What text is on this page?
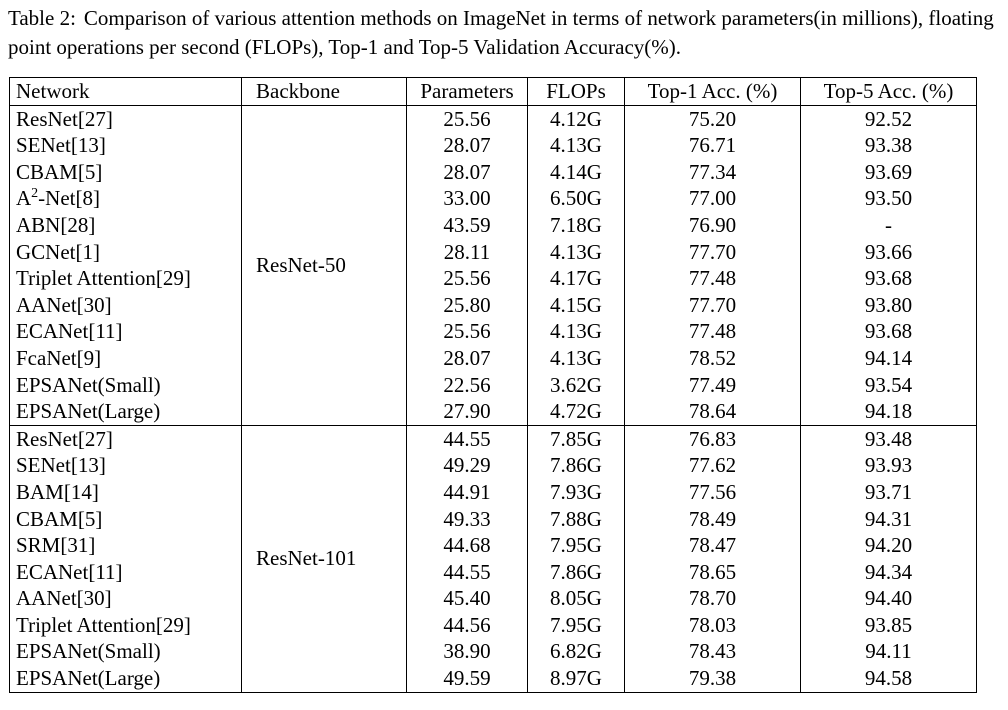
Table 2: Comparison of various attention methods on ImageNet in terms of network parameters(in millions), floating point operations per second (FLOPs), Top-1 and Top-5 Validation Accuracy(%).
Network	Backbone	Parameters	FLOPs	Top-1 Acc. (%)	Top-5 Acc. (%)
ResNet[27]	ResNet-50	25.56	4.12G	75.20	92.52
SENet[13]		28.07	4.13G	76.71	93.38
CBAM[5]		28.07	4.14G	77.34	93.69
$A^2-Net[8]$		33.00	6.50G	77.00	93.50
ABN[28]		43.59	7.18G	76.90	-
GCNet[1]		28.11	4.13G	77.70	93.66
Triplet Attention[29]		25.56	4.17G	77.48	93.68
AANet[30]		25.80	4.15G	77.70	93.80
ECANet[11]		25.56	4.13G	77.48	93.68
FcaNet[9]		28.07	4.13G	78.52	94.14
EPSANet(Small)		22.56	3.62G	77.49	93.54
EPSANet(Large)		27.90	4.72G	78.64	94.18
ResNet[27]	ResNet-101	44.55	7.85G	76.83	93.48
SENet[13]		49.29	7.86G	77.62	93.93
BAM[14]		44.91	7.93G	77.56	93.71
CBAM[5]		49.33	7.88G	78.49	94.31
SRM[31]		44.68	7.95G	78.47	94.20
ECANet[11]		44.55	7.86G	78.65	94.34
AANet[30]		45.40	8.05G	78.70	94.40
Triplet Attention[29]		44.56	7.95G	78.03	93.85
EPSANet(Small)		38.90	6.82G	78.43	94.11
EPSANet(Large)		49.59	8.97G	79.38	94.58
